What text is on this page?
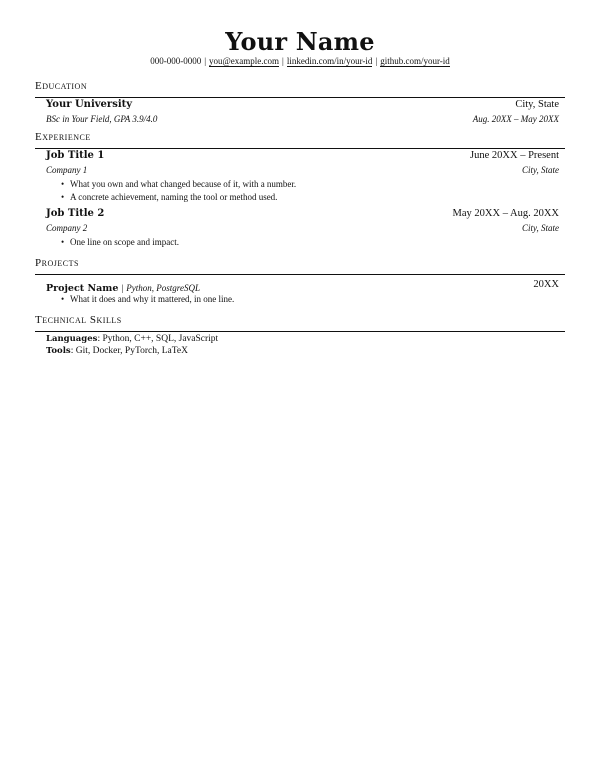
Your Name
000-000-0000 | you@example.com | linkedin.com/in/your-id | github.com/your-id
Education
Your University	City, State
BSc in Your Field, GPA 3.9/4.0	Aug. 20XX – May 20XX
Experience
Job Title 1	June 20XX – Present
Company 1	City, State
• What you own and what changed because of it, with a number.
• A concrete achievement, naming the tool or method used.
Job Title 2	May 20XX – Aug. 20XX
Company 2	City, State
• One line on scope and impact.
Projects
Project Name | Python, PostgreSQL	20XX
• What it does and why it mattered, in one line.
Technical Skills
Languages: Python, C++, SQL, JavaScript
Tools: Git, Docker, PyTorch, LaTeX
